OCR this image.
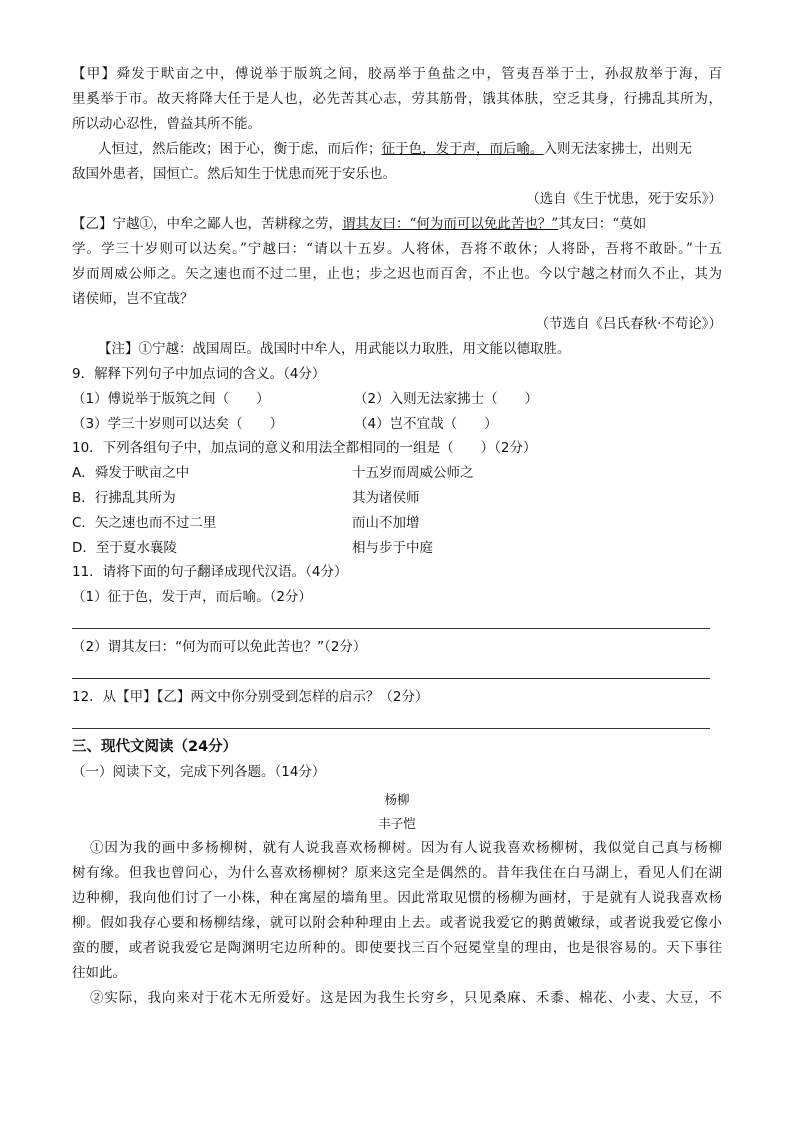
【甲】舜发于畎亩之中，傅说举于版筑之间，胶鬲举于鱼盐之中，管夷吾举于士，孙叔敖举于海，百
里奚举于市。故天将降大任于是人也，必先苦其心志，劳其筋骨，饿其体肤，空乏其身，行拂乱其所为，
所以动心忍性，曾益其所不能。
人恒过，然后能改；困于心，衡于虑，而后作；征于色，发于声，而后喻。入则无法家拂士，出则无
敌国外患者，国恒亡。然后知生于忧患而死于安乐也。
（选自《生于忧患，死于安乐》）
【乙】宁越①，中牟之鄙人也，苦耕稼之劳，谓其友曰：“何为而可以免此苦也？”其友曰：“莫如
学。学三十岁则可以达矣。”宁越曰：“请以十五岁。人将休，吾将不敢休；人将卧，吾将不敢卧。”十五
岁而周威公师之。矢之速也而不过二里，止也；步之迟也而百舍，不止也。今以宁越之材而久不止，其为
诸侯师，岂不宜哉？
（节选自《吕氏春秋·不苟论》）
【注】①宁越：战国周臣。战国时中牟人，用武能以力取胜，用文能以德取胜。
9．解释下列句子中加点词的含义。（4分）
（1）傅说举于版筑之间（　　）	（2）入则无法家拂士（　　）
（3）学三十岁则可以达矣（　　）	（4）岂不宜哉（　　）
10．下列各组句子中，加点词的意义和用法全都相同的一组是（　　）（2分）
A．舜发于畎亩之中	十五岁而周威公师之
B．行拂乱其所为	其为诸侯师
C．矢之速也而不过二里	而山不加增
D．至于夏水襄陵	相与步于中庭
11．请将下面的句子翻译成现代汉语。（4分）
（1）征于色，发于声，而后喻。（2分）
（2）谓其友曰：“何为而可以免此苦也？”（2分）
12．从【甲】【乙】两文中你分别受到怎样的启示？（2分）
三、现代文阅读（24分）
（一）阅读下文，完成下列各题。（14分）
杨柳
丰子恺
①因为我的画中多杨柳树，就有人说我喜欢杨柳树。因为有人说我喜欢杨柳树，我似觉自己真与杨柳
树有缘。但我也曾问心，为什么喜欢杨柳树？原来这完全是偶然的。昔年我住在白马湖上，看见人们在湖
边种柳，我向他们讨了一小株，种在寓屋的墙角里。因此常取见惯的杨柳为画材，于是就有人说我喜欢杨
柳。假如我存心要和杨柳结缘，就可以附会种种理由上去。或者说我爱它的鹅黄嫩绿，或者说我爱它像小
蛮的腰，或者说我爱它是陶渊明宅边所种的。即使要找三百个冠冕堂皇的理由，也是很容易的。天下事往
往如此。
②实际，我向来对于花木无所爱好。这是因为我生长穷乡，只见桑麻、禾黍、棉花、小麦、大豆，不
